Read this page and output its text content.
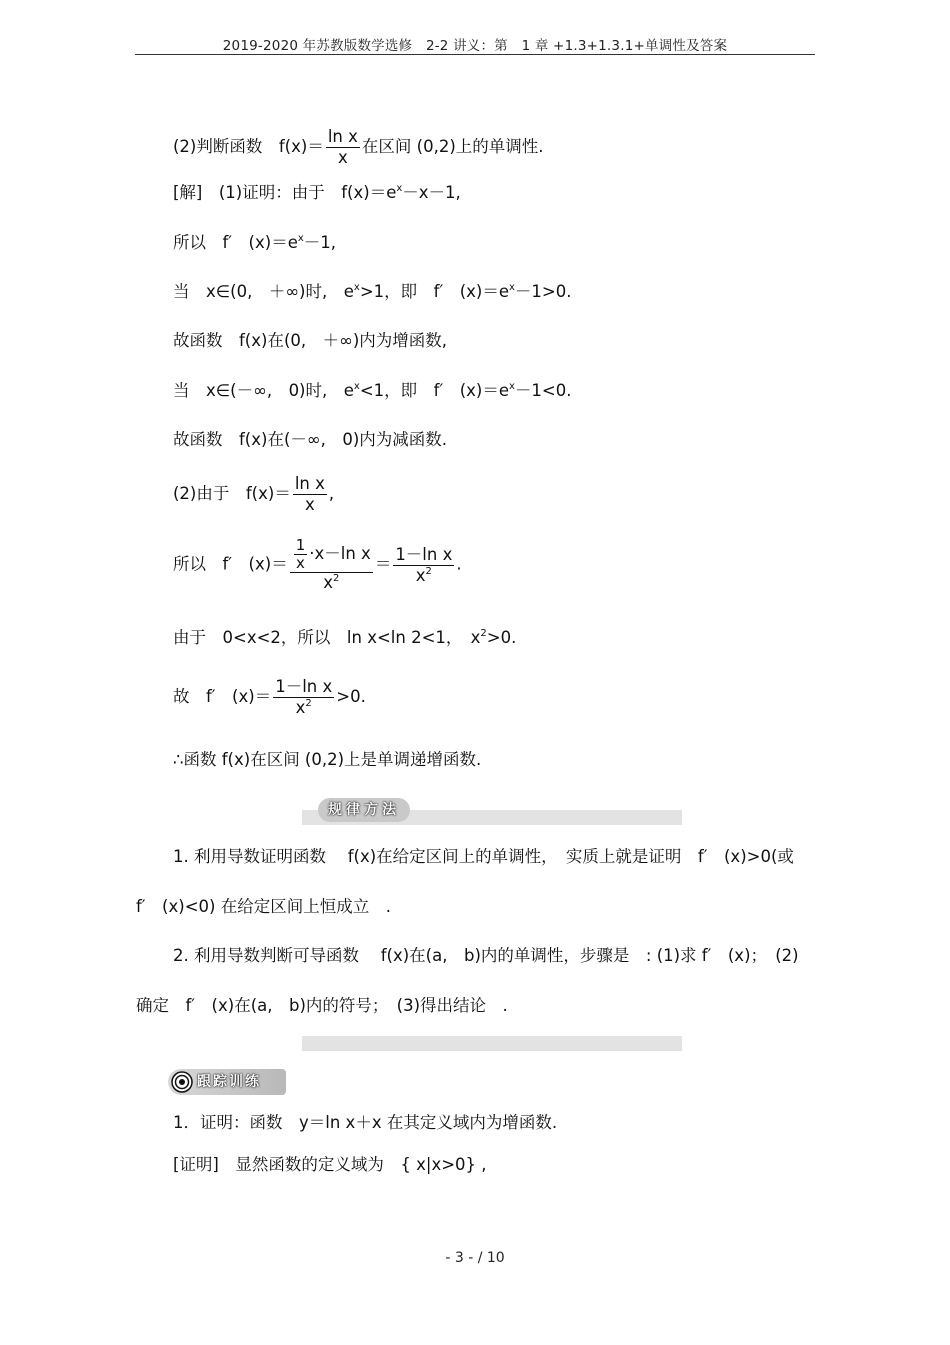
2019-2020 年苏教版数学选修　2-2 讲义：第　1 章 +1.3+1.3.1+单调性及答案
(2)判断函数　$f(x)= \frac{\text{ln x}}{x}$ 在区间 (0,2)上的单调性.
[解]　(1)证明：由于　$f(x)=e^x-x-1$,
所以　f′　$(x)=e^x-1$,
当　x∈(0,　＋∞)时,　$e^x>1$，即　f′　$(x)=e^x-1>0$.
故函数　f(x)在(0,　＋∞)内为增函数,
当　x∈(－∞,　0)时,　$e^x<1$，即　f′　$(x)=e^x-1<0$.
故函数　f(x)在(－∞,　0)内为减函数.
(2)由于　$f(x)= \frac{\text{ln x}}{x}$ ,
所以　f′　$(x)= \frac{\frac{1}{x} \cdot x-\ln x}{x^2} = \frac{\text{1－ln x}}{x^2}$ .
由于　0<x<2，所以　ln x<ln 2<1，　$x^2>0$.
故　f′　$(x)= \frac{\text{1－ln x}}{x^2} >0$.
∴函数 f(x)在区间 (0,2)上是单调递增函数.
规律方法
1. 利用导数证明函数　 f(x)在给定区间上的单调性，　实质上就是证明　f′　(x)>0(或
f′　(x)<0) 在给定区间上恒成立　.
2. 利用导数判断可导函数　 f(x)在(a,　b)内的单调性，步骤是　: (1)求 f′　(x)；　(2)
确定　f′　(x)在(a,　b)内的符号；　(3)得出结论　.
跟踪训练
1．证明：函数　y＝ln x＋x 在其定义域内为增函数.
[证明]　显然函数的定义域为　{ x|x>0} ,
- 3 - / 10
